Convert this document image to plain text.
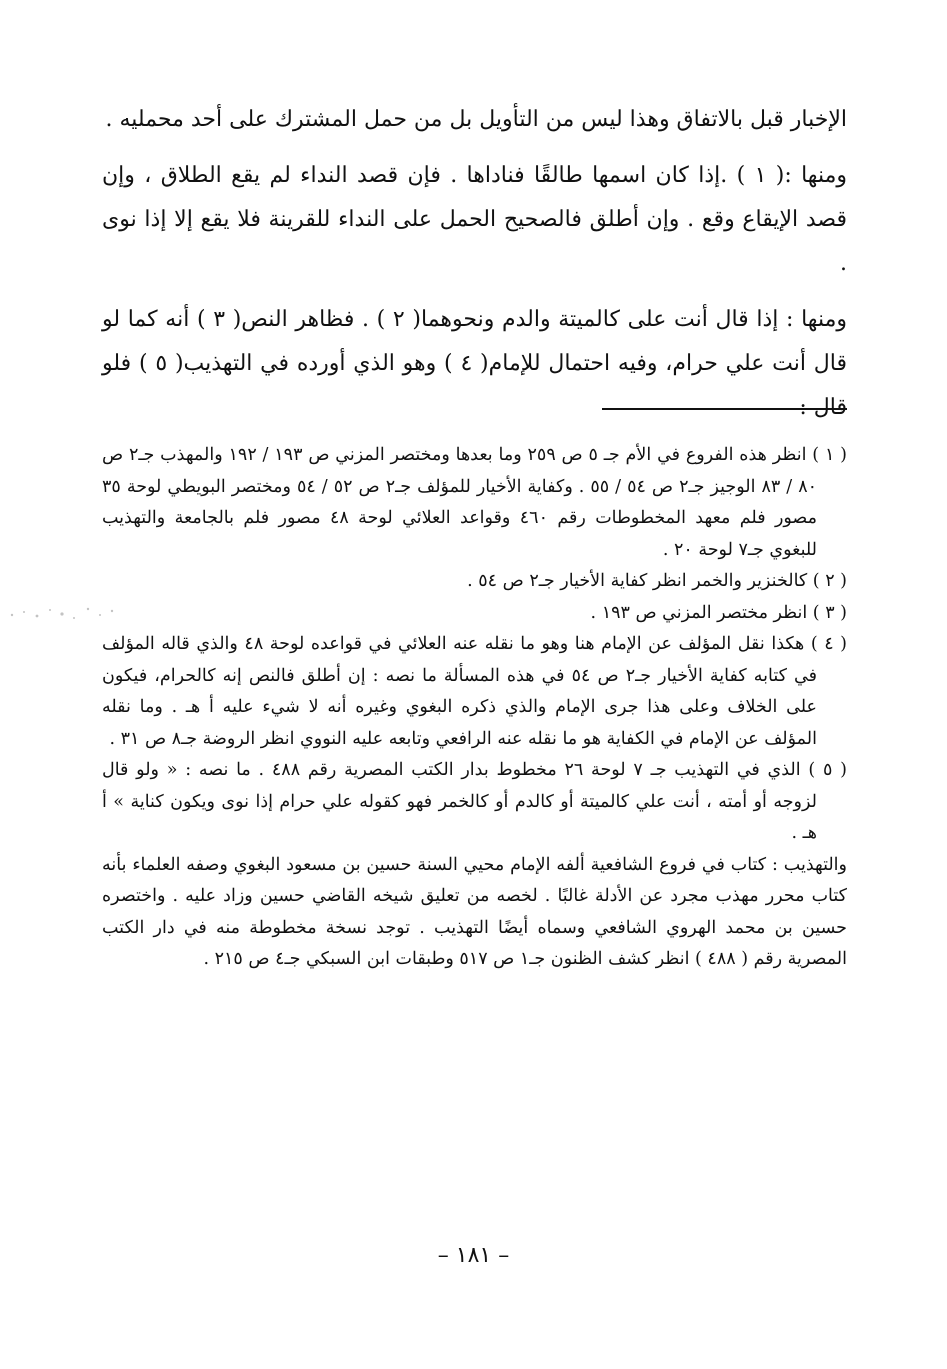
الإخبار قبل بالاتفاق وهذا ليس من التأويل بل من حمل المشترك على أحد محمليه .

ومنها :( ١ ) .إذا كان اسمها طالقًا فناداها . فإن قصد النداء لم يقع الطلاق ، وإن قصد الإيقاع وقع . وإن أطلق فالصحيح الحمل على النداء للقرينة فلا يقع إلا إذا نوى .

ومنها : إذا قال أنت على كالميتة والدم ونحوهما( ٢ ) . فظاهر النص( ٣ ) أنه كما لو قال أنت علي حرام، وفيه احتمال للإمام( ٤ ) وهو الذي أورده في التهذيب( ٥ ) فلو قال :

( ١ ) انظر هذه الفروع في الأم جـ ٥ ص ٢٥٩ وما بعدها ومختصر المزني ص ١٩٣ / ١٩٢ والمهذب جـ٢ ص ٨٠ / ٨٣ الوجيز جـ٢ ص ٥٤ / ٥٥ . وكفاية الأخيار للمؤلف جـ٢ ص ٥٢ / ٥٤ ومختصر البويطي لوحة ٣٥ مصور فلم معهد المخطوطات رقم ٤٦٠ وقواعد العلائي لوحة ٤٨ مصور فلم بالجامعة والتهذيب للبغوي جـ٧ لوحة ٢٠ .

( ٢ ) كالخنزير والخمر انظر كفاية الأخيار جـ٢ ص ٥٤ .

( ٣ ) انظر مختصر المزني ص ١٩٣ .

( ٤ ) هكذا نقل المؤلف عن الإمام هنا وهو ما نقله عنه العلائي في قواعده لوحة ٤٨ والذي قاله المؤلف في كتابه كفاية الأخيار جـ٢ ص ٥٤ في هذه المسألة ما نصه : إن أطلق فالنص إنه كالحرام، فيكون على الخلاف وعلى هذا جرى الإمام والذي ذكره البغوي وغيره أنه لا شيء عليه أ هـ . وما نقله المؤلف عن الإمام في الكفاية هو ما نقله عنه الرافعي وتابعه عليه النووي انظر الروضة جـ٨ ص ٣١ .

( ٥ ) الذي في التهذيب جـ ٧ لوحة ٢٦ مخطوط بدار الكتب المصرية رقم ٤٨٨ . ما نصه : « ولو قال لزوجه أو أمته ، أنت علي كالميتة أو كالدم أو كالخمر فهو كقوله علي حرام إذا نوى ويكون كناية » أ هـ .

والتهذيب : كتاب في فروع الشافعية ألفه الإمام محيي السنة حسين بن مسعود البغوي وصفه العلماء بأنه كتاب محرر مهذب مجرد عن الأدلة غالبًا . لخصه من تعليق شيخه القاضي حسين وزاد عليه . واختصره حسين بن محمد الهروي الشافعي وسماه أيضًا التهذيب . توجد نسخة مخطوطة منه في دار الكتب المصرية رقم ( ٤٨٨ ) انظر كشف الظنون جـ١ ص ٥١٧ وطبقات ابن السبكي جـ٤ ص ٢١٥ .

– ١٨١ –
